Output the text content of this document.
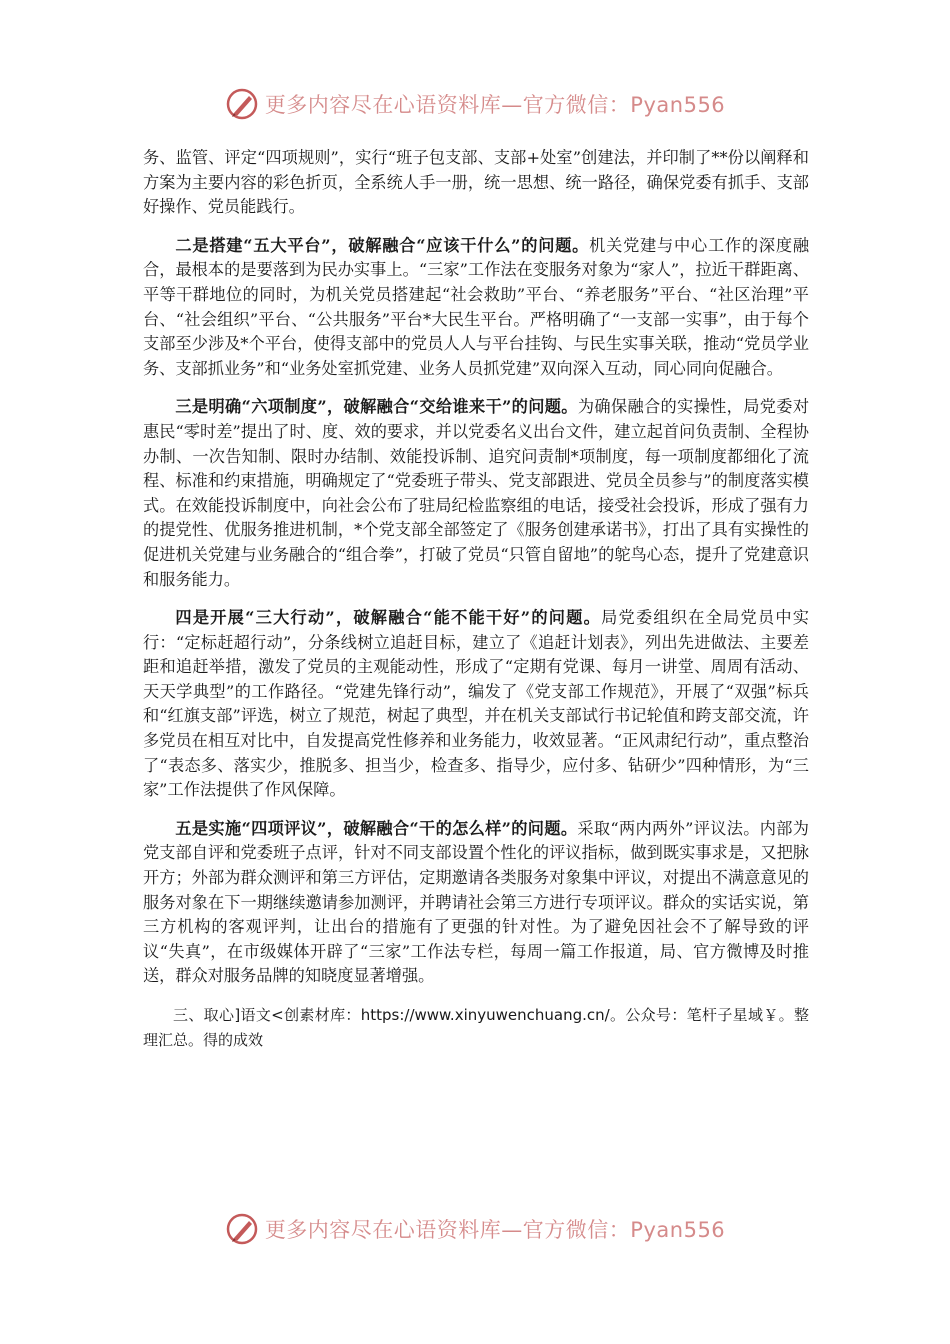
更多内容尽在心语资料库—官方微信：Pyan556

务、监管、评定“四项规则”，实行“班子包支部、支部+处室”创建法，并印制了**份以阐释和方案为主要内容的彩色折页，全系统人手一册，统一思想、统一路径，确保党委有抓手、支部好操作、党员能践行。

二是搭建“五大平台”，破解融合“应该干什么”的问题。机关党建与中心工作的深度融合，最根本的是要落到为民办实事上。“三家”工作法在变服务对象为“家人”，拉近干群距离、平等干群地位的同时，为机关党员搭建起“社会救助”平台、“养老服务”平台、“社区治理”平台、“社会组织”平台、“公共服务”平台*大民生平台。严格明确了“一支部一实事”，由于每个支部至少涉及*个平台，使得支部中的党员人人与平台挂钩、与民生实事关联，推动“党员学业务、支部抓业务”和“业务处室抓党建、业务人员抓党建”双向深入互动，同心同向促融合。

三是明确“六项制度”，破解融合“交给谁来干”的问题。为确保融合的实操性，局党委对惠民“零时差”提出了时、度、效的要求，并以党委名义出台文件，建立起首问负责制、全程协办制、一次告知制、限时办结制、效能投诉制、追究问责制*项制度，每一项制度都细化了流程、标准和约束措施，明确规定了“党委班子带头、党支部跟进、党员全员参与”的制度落实模式。在效能投诉制度中，向社会公布了驻局纪检监察组的电话，接受社会投诉，形成了强有力的提党性、优服务推进机制，*个党支部全部签定了《服务创建承诺书》，打出了具有实操性的促进机关党建与业务融合的“组合拳”，打破了党员“只管自留地”的鸵鸟心态，提升了党建意识和服务能力。

四是开展“三大行动”，破解融合“能不能干好”的问题。局党委组织在全局党员中实行：“定标赶超行动”，分条线树立追赶目标，建立了《追赶计划表》，列出先进做法、主要差距和追赶举措，激发了党员的主观能动性，形成了“定期有党课、每月一讲堂、周周有活动、天天学典型”的工作路径。“党建先锋行动”，编发了《党支部工作规范》，开展了“双强”标兵和“红旗支部”评选，树立了规范，树起了典型，并在机关支部试行书记轮值和跨支部交流，许多党员在相互对比中，自发提高党性修养和业务能力，收效显著。“正风肃纪行动”，重点整治了“表态多、落实少，推脱多、担当少，检查多、指导少，应付多、钻研少”四种情形，为“三家”工作法提供了作风保障。

五是实施“四项评议”，破解融合“干的怎么样”的问题。采取“两内两外”评议法。内部为党支部自评和党委班子点评，针对不同支部设置个性化的评议指标，做到既实事求是，又把脉开方；外部为群众测评和第三方评估，定期邀请各类服务对象集中评议，对提出不满意意见的服务对象在下一期继续邀请参加测评，并聘请社会第三方进行专项评议。群众的实话实说，第三方机构的客观评判，让出台的措施有了更强的针对性。为了避免因社会不了解导致的评议“失真”，在市级媒体开辟了“三家”工作法专栏，每周一篇工作报道，局、官方微博及时推送，群众对服务品牌的知晓度显著增强。

三、取心]语文<创素材库：https://www.xinyuwenchuang.cn/。公众号：笔杆子星域￥。整理汇总。得的成效

更多内容尽在心语资料库—官方微信：Pyan556
